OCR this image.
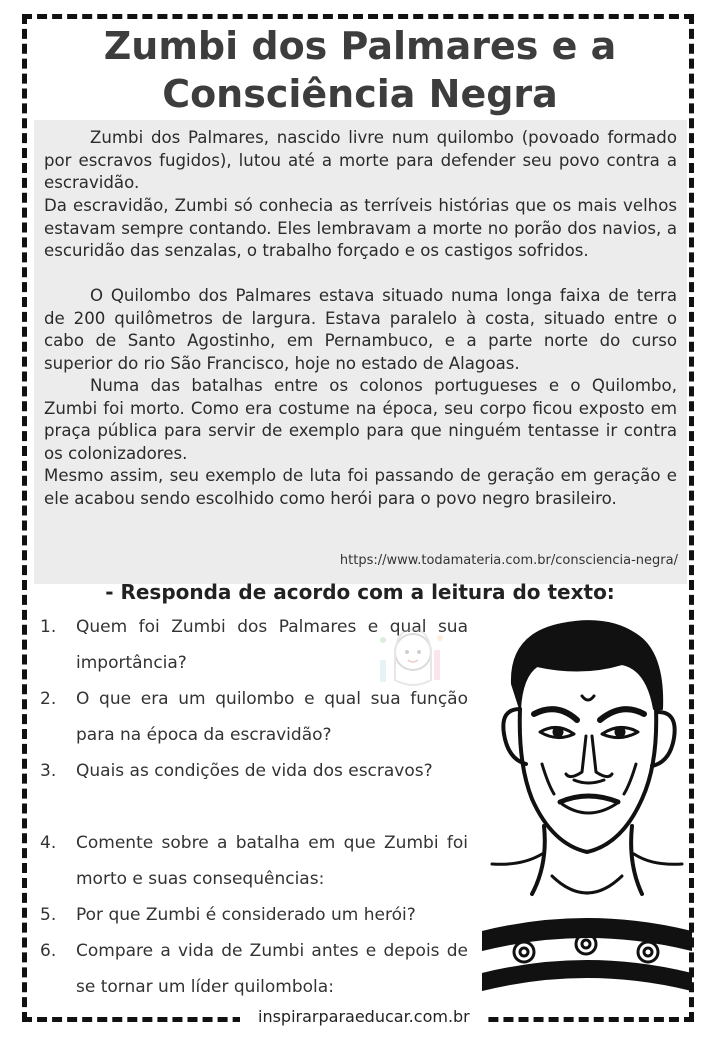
Zumbi dos Palmares e a
Consciência Negra

Zumbi dos Palmares, nascido livre num quilombo (povoado formado por escravos fugidos), lutou até a morte para defender seu povo contra a escravidão.

Da escravidão, Zumbi só conhecia as terríveis histórias que os mais velhos estavam sempre contando. Eles lembravam a morte no porão dos navios, a escuridão das senzalas, o trabalho forçado e os castigos sofridos.

O Quilombo dos Palmares estava situado numa longa faixa de terra de 200 quilômetros de largura. Estava paralelo à costa, situado entre o cabo de Santo Agostinho, em Pernambuco, e a parte norte do curso superior do rio São Francisco, hoje no estado de Alagoas.

Numa das batalhas entre os colonos portugueses e o Quilombo, Zumbi foi morto. Como era costume na época, seu corpo ficou exposto em praça pública para servir de exemplo para que ninguém tentasse ir contra os colonizadores.

Mesmo assim, seu exemplo de luta foi passando de geração em geração e ele acabou sendo escolhido como herói para o povo negro brasileiro.

https://www.todamateria.com.br/consciencia-negra/
- Responda de acordo com a leitura do texto:
1. Quem foi Zumbi dos Palmares e qual sua importância?
2. O que era um quilombo e qual sua função para na época da escravidão?
3. Quais as condições de vida dos escravos?
4. Comente sobre a batalha em que Zumbi foi morto e suas consequências:
5. Por que Zumbi é considerado um herói?
6. Compare a vida de Zumbi antes e depois de se tornar um líder quilombola:
inspirarparaeducar.com.br
